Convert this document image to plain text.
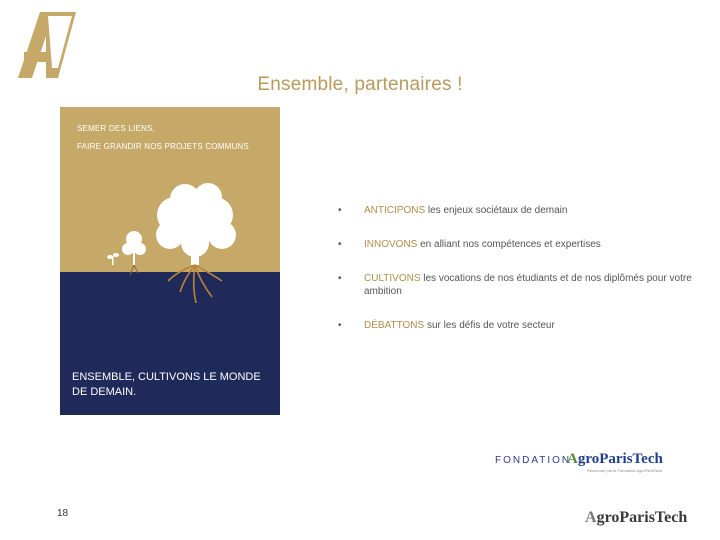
Ensemble, partenaires !
SEMER DES LIENS,
FAIRE GRANDIR NOS PROJETS COMMUNS
ENSEMBLE, CULTIVONS LE MONDE DE DEMAIN.
• ANTICIPONS les enjeux sociétaux de demain
• INNOVONS en alliant nos compétences et expertises
• CULTIVONS les vocations de nos étudiants et de nos diplômés pour votre ambition
• DÉBATTONS sur les défis de votre secteur
FONDATION
AgroParisTech
Reconnue par le Fondation AgroParisTech
18	AgroParisTech
